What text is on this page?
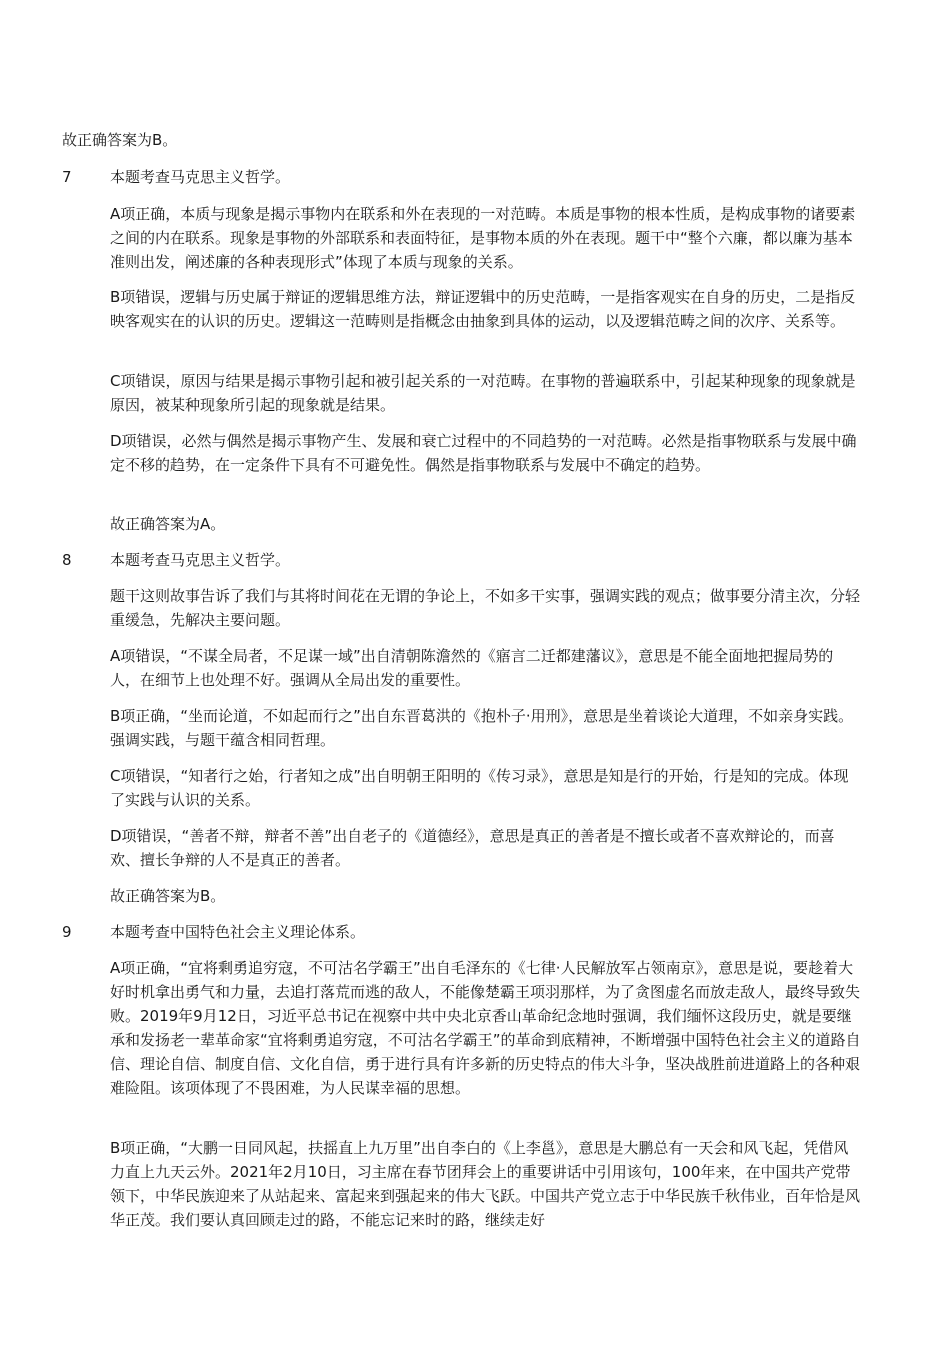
故正确答案为B。
7	本题考查马克思主义哲学。
A项正确，本质与现象是揭示事物内在联系和外在表现的一对范畴。本质是事物的根本性质，是构成事物的诸要素之间的内在联系。现象是事物的外部联系和表面特征，是事物本质的外在表现。题干中“整个六廉，都以廉为基本准则出发，阐述廉的各种表现形式”体现了本质与现象的关系。
B项错误，逻辑与历史属于辩证的逻辑思维方法，辩证逻辑中的历史范畴，一是指客观实在自身的历史，二是指反映客观实在的认识的历史。逻辑这一范畴则是指概念由抽象到具体的运动，以及逻辑范畴之间的次序、关系等。
C项错误，原因与结果是揭示事物引起和被引起关系的一对范畴。在事物的普遍联系中，引起某种现象的现象就是原因，被某种现象所引起的现象就是结果。
D项错误，必然与偶然是揭示事物产生、发展和衰亡过程中的不同趋势的一对范畴。必然是指事物联系与发展中确定不移的趋势，在一定条件下具有不可避免性。偶然是指事物联系与发展中不确定的趋势。
故正确答案为A。
8	本题考查马克思主义哲学。
题干这则故事告诉了我们与其将时间花在无谓的争论上，不如多干实事，强调实践的观点；做事要分清主次，分轻重缓急，先解决主要问题。
A项错误，“不谋全局者，不足谋一域”出自清朝陈澹然的《寤言二迁都建藩议》，意思是不能全面地把握局势的人，在细节上也处理不好。强调从全局出发的重要性。
B项正确，“坐而论道，不如起而行之”出自东晋葛洪的《抱朴子·用刑》，意思是坐着谈论大道理，不如亲身实践。强调实践，与题干蕴含相同哲理。
C项错误，“知者行之始，行者知之成”出自明朝王阳明的《传习录》，意思是知是行的开始，行是知的完成。体现了实践与认识的关系。
D项错误，“善者不辩，辩者不善”出自老子的《道德经》，意思是真正的善者是不擅长或者不喜欢辩论的，而喜欢、擅长争辩的人不是真正的善者。
故正确答案为B。
9	本题考查中国特色社会主义理论体系。
A项正确，“宜将剩勇追穷寇，不可沽名学霸王”出自毛泽东的《七律·人民解放军占领南京》，意思是说，要趁着大好时机拿出勇气和力量，去追打落荒而逃的敌人，不能像楚霸王项羽那样，为了贪图虚名而放走敌人，最终导致失败。2019年9月12日，习近平总书记在视察中共中央北京香山革命纪念地时强调，我们缅怀这段历史，就是要继承和发扬老一辈革命家“宜将剩勇追穷寇，不可沽名学霸王”的革命到底精神，不断增强中国特色社会主义的道路自信、理论自信、制度自信、文化自信，勇于进行具有许多新的历史特点的伟大斗争，坚决战胜前进道路上的各种艰难险阻。该项体现了不畏困难，为人民谋幸福的思想。
B项正确，“大鹏一日同风起，扶摇直上九万里”出自李白的《上李邕》，意思是大鹏总有一天会和风飞起，凭借风力直上九天云外。2021年2月10日，习主席在春节团拜会上的重要讲话中引用该句，100年来，在中国共产党带领下，中华民族迎来了从站起来、富起来到强起来的伟大飞跃。中国共产党立志于中华民族千秋伟业，百年恰是风华正茂。我们要认真回顾走过的路，不能忘记来时的路，继续走好
